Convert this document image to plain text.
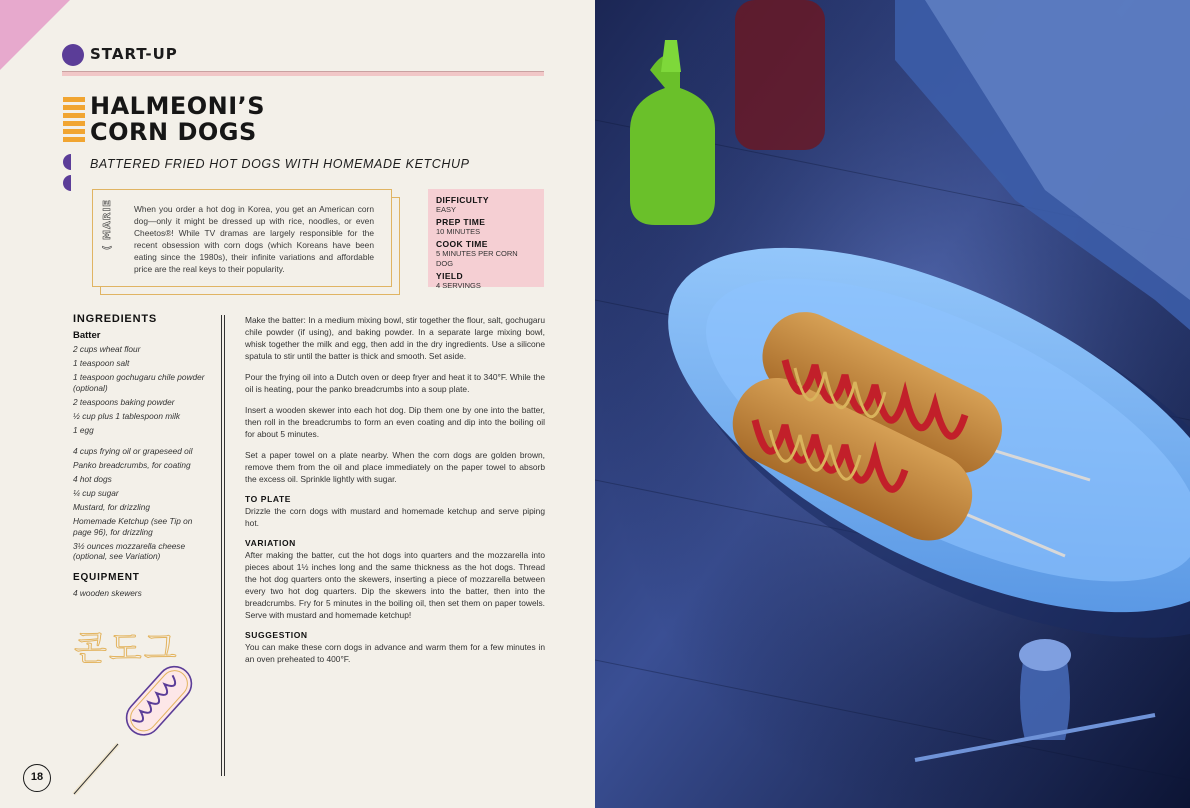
START-UP
HALMEONI’S
CORN DOGS
BATTERED FRIED HOT DOGS WITH HOMEMADE KETCHUP
( MARIE	When you order a hot dog in Korea, you get an American corn dog—only it might be dressed up with rice, noodles, or even Cheetos®! While TV dramas are largely responsible for the recent obsession with corn dogs (which Koreans have been eating since the 1980s), their infinite variations and affordable price are the real keys to their popularity.
DIFFICULTY
EASY
PREP TIME
10 MINUTES
COOK TIME
5 MINUTES PER CORN DOG
YIELD
4 SERVINGS
INGREDIENTS
Batter
2 cups wheat flour
1 teaspoon salt
1 teaspoon gochugaru chile powder (optional)
2 teaspoons baking powder
½ cup plus 1 tablespoon milk
1 egg
4 cups frying oil or grapeseed oil
Panko breadcrumbs, for coating
4 hot dogs
¼ cup sugar
Mustard, for drizzling
Homemade Ketchup (see Tip on page 96), for drizzling
3½ ounces mozzarella cheese (optional, see Variation)
EQUIPMENT
4 wooden skewers

Make the batter: In a medium mixing bowl, stir together the flour, salt, gochugaru chile powder (if using), and baking powder. In a separate large mixing bowl, whisk together the milk and egg, then add in the dry ingredients. Use a silicone spatula to stir until the batter is thick and smooth. Set aside.

Pour the frying oil into a Dutch oven or deep fryer and heat it to 340°F. While the oil is heating, pour the panko breadcrumbs into a soup plate.

Insert a wooden skewer into each hot dog. Dip them one by one into the batter, then roll in the breadcrumbs to form an even coating and dip into the boiling oil for about 5 minutes.

Set a paper towel on a plate nearby. When the corn dogs are golden brown, remove them from the oil and place immediately on the paper towel to absorb the excess oil. Sprinkle lightly with sugar.

TO PLATE

Drizzle the corn dogs with mustard and homemade ketchup and serve piping hot.

VARIATION

After making the batter, cut the hot dogs into quarters and the mozzarella into pieces about 1½ inches long and the same thickness as the hot dogs. Thread the hot dog quarters onto the skewers, inserting a piece of mozzarella between every two hot dog quarters. Dip the skewers into the batter, then into the breadcrumbs. Fry for 5 minutes in the boiling oil, then set them on paper towels. Serve with mustard and homemade ketchup!

SUGGESTION

You can make these corn dogs in advance and warm them for a few minutes in an oven preheated to 400°F.

콘도그
18
